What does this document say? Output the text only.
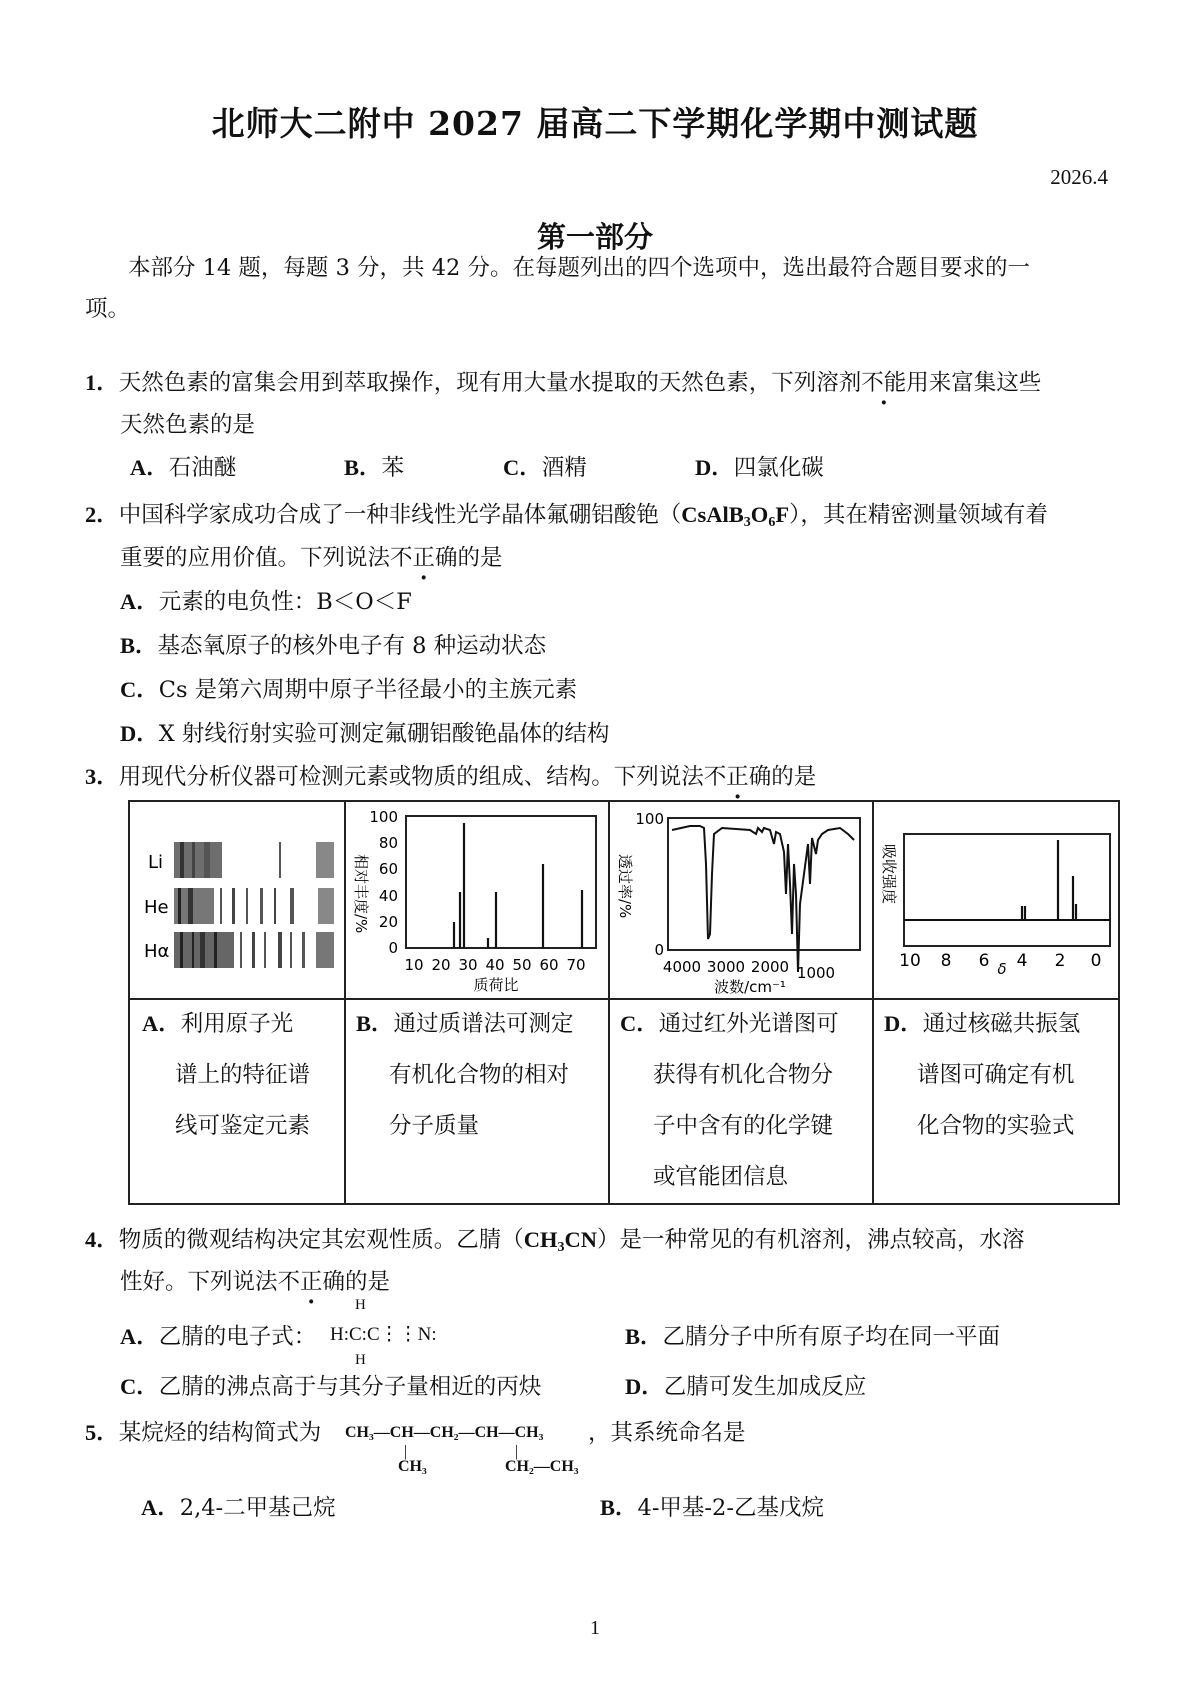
北师大二附中 2027 届高二下学期化学期中测试题
2026.4
第一部分
本部分 14 题，每题 3 分，共 42 分。在每题列出的四个选项中，选出最符合题目要求的一
项。
1．天然色素的富集会用到萃取操作，现有用大量水提取的天然色素，下列溶剂不能用来富集这些
天然色素的是
A．石油醚	B．苯	C．酒精	D．四氯化碳
2．中国科学家成功合成了一种非线性光学晶体氟硼铝酸铯$(CsAlB_3O_6F)$，其在精密测量领域有着
重要的应用价值。下列说法不正确的是
A．元素的电负性：B＜O＜F
B．基态氧原子的核外电子有 8 种运动状态
C．Cs 是第六周期中原子半径最小的主族元素
D．X 射线衍射实验可测定氟硼铝酸铯晶体的结构
3．用现代分析仪器可检测元素或物质的组成、结构。下列说法不正确的是
Li
He
Hα
相对丰度/%
100
80
60
40
20
0
10 20 30 40 50 60 70
质荷比
透过率/%
100
0
4000 3000 2000 1000
波数/cm⁻¹
吸收强度
10 8 6 4 2 0
δ
A．利用原子光
谱上的特征谱
线可鉴定元素
B．通过质谱法可测定
有机化合物的相对
分子质量
C．通过红外光谱图可
获得有机化合物分
子中含有的化学键
或官能团信息
D．通过核磁共振氢
谱图可确定有机
化合物的实验式
4．物质的微观结构决定其宏观性质。乙腈$(CH_3CN)$是一种常见的有机溶剂，沸点较高，水溶
性好。下列说法不正确的是
A．乙腈的电子式：
H
H:C:C⋮⋮N:
H
B．乙腈分子中所有原子均在同一平面
C．乙腈的沸点高于与其分子量相近的丙炔	D．乙腈可发生加成反应
5．某烷烃的结构简式为 CH₃—CH—CH₂—CH—CH₃
|	|
CH₃	CH₂—CH₃
，其系统命名是
A．2,4-二甲基己烷	B．4-甲基-2-乙基戊烷
1
